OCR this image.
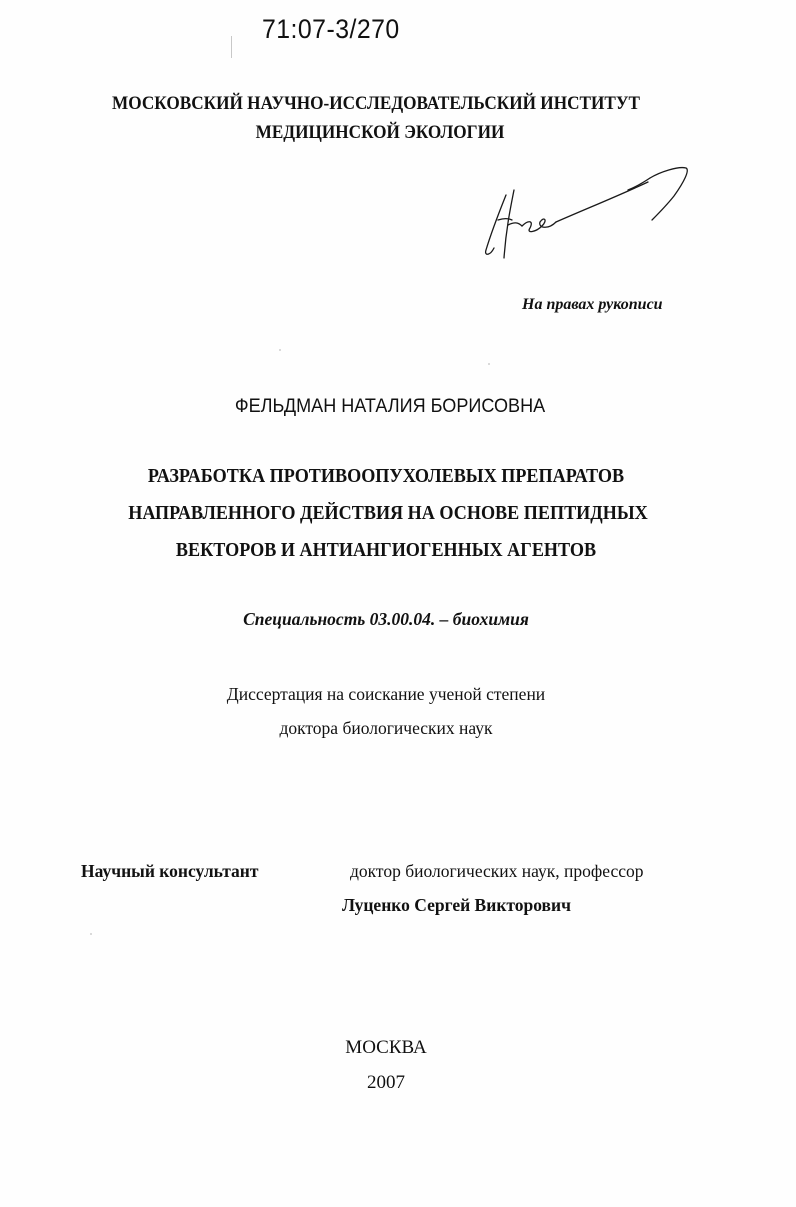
71:07-3/270
МОСКОВСКИЙ НАУЧНО-ИССЛЕДОВАТЕЛЬСКИЙ ИНСТИТУТ
МЕДИЦИНСКОЙ ЭКОЛОГИИ
На правах рукописи
ФЕЛЬДМАН НАТАЛИЯ БОРИСОВНА
РАЗРАБОТКА ПРОТИВООПУХОЛЕВЫХ ПРЕПАРАТОВ
НАПРАВЛЕННОГО ДЕЙСТВИЯ НА ОСНОВЕ ПЕПТИДНЫХ
ВЕКТОРОВ И АНТИАНГИОГЕННЫХ АГЕНТОВ
Специальность 03.00.04. – биохимия
Диссертация на соискание ученой степени
доктора биологических наук
Научный консультант	доктор биологических наук, профессор
Луценко Сергей Викторович
МОСКВА
2007
